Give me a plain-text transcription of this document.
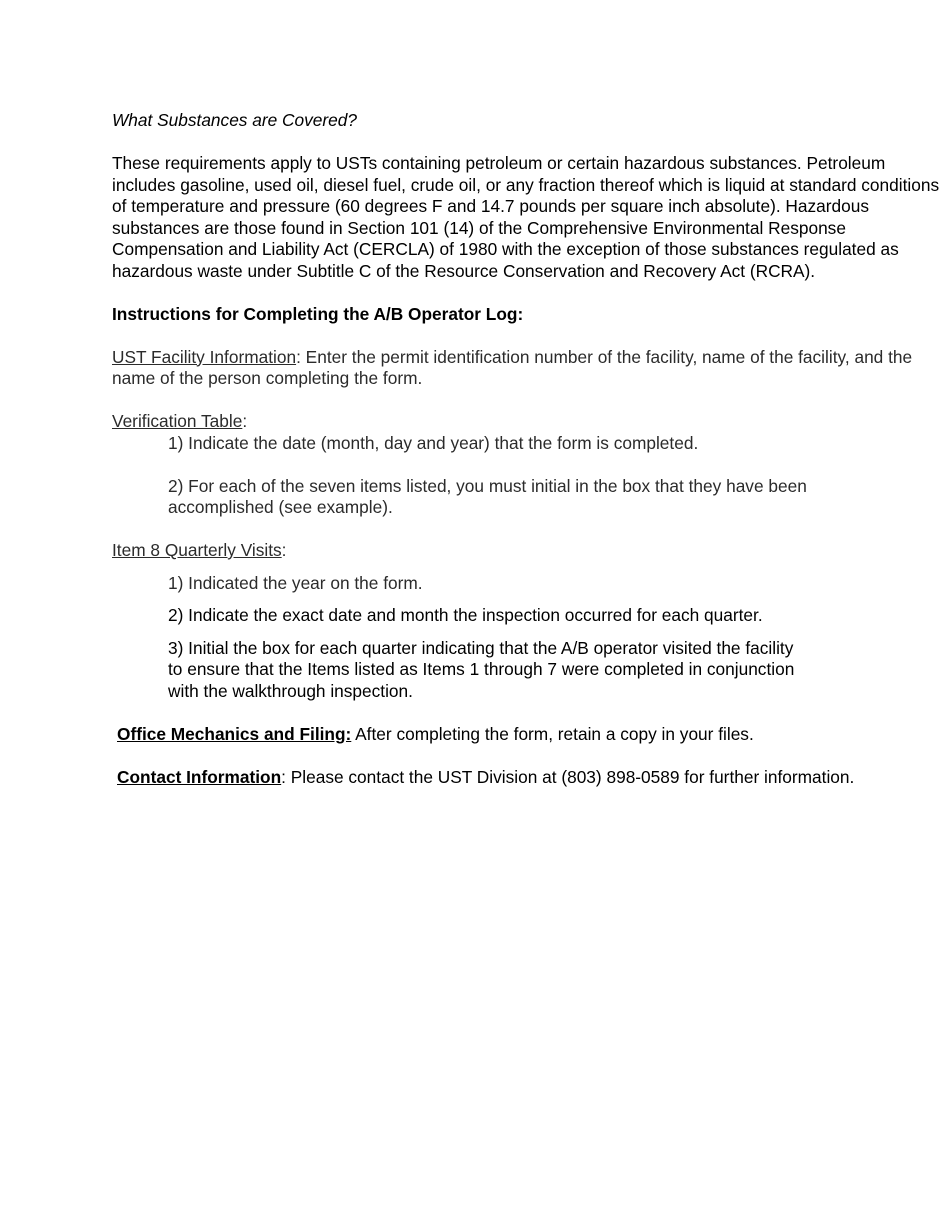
What Substances are Covered?

These requirements apply to USTs containing petroleum or certain hazardous substances. Petroleum includes gasoline, used oil, diesel fuel, crude oil, or any fraction thereof which is liquid at standard conditions of temperature and pressure (60 degrees F and 14.7 pounds per square inch absolute). Hazardous substances are those found in Section 101 (14) of the Comprehensive Environmental Response Compensation and Liability Act (CERCLA) of 1980 with the exception of those substances regulated as hazardous waste under Subtitle C of the Resource Conservation and Recovery Act (RCRA).

Instructions for Completing the A/B Operator Log:

UST Facility Information: Enter the permit identification number of the facility, name of the facility, and the name of the person completing the form.

Verification Table:

1) Indicate the date (month, day and year) that the form is completed.

2) For each of the seven items listed, you must initial in the box that they have been accomplished (see example).

Item 8 Quarterly Visits:

1) Indicated the year on the form.

2) Indicate the exact date and month the inspection occurred for each quarter.

3) Initial the box for each quarter indicating that the A/B operator visited the facility to ensure that the Items listed as Items 1 through 7 were completed in conjunction with the walkthrough inspection.

Office Mechanics and Filing: After completing the form, retain a copy in your files.

Contact Information: Please contact the UST Division at (803) 898-0589 for further information.
